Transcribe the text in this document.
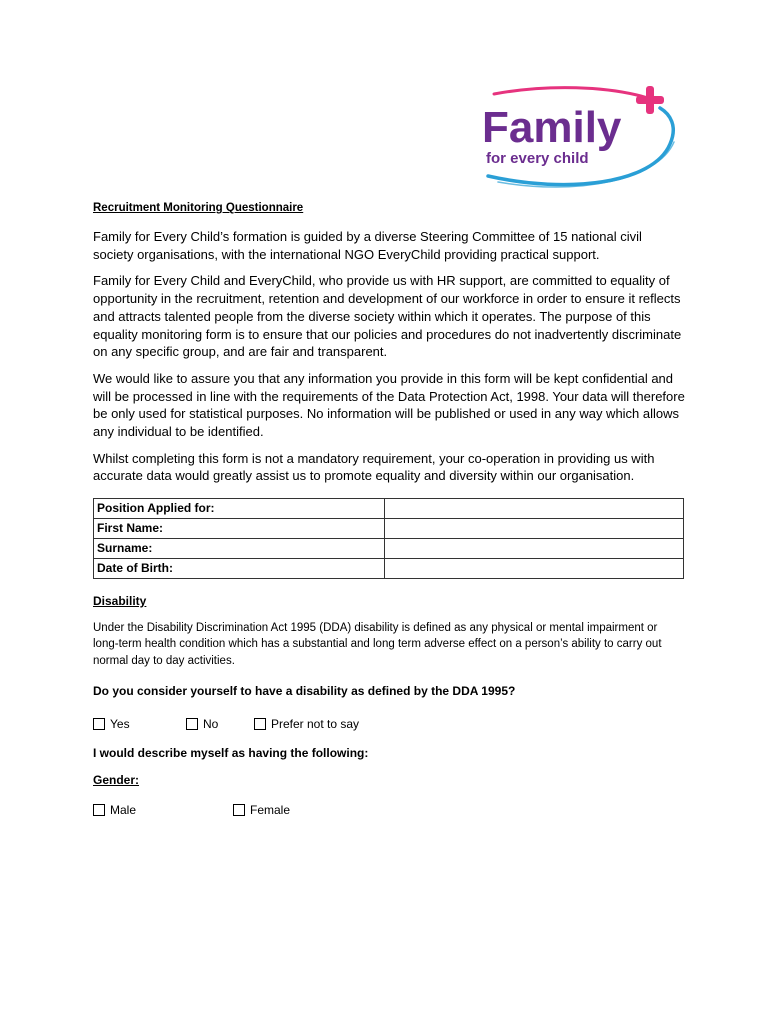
Family
for every child
Recruitment Monitoring Questionnaire

Family for Every Child’s formation is guided by a diverse Steering Committee of 15 national civil society organisations, with the international NGO EveryChild providing practical support.

Family for Every Child and EveryChild, who provide us with HR support, are committed to equality of opportunity in the recruitment, retention and development of our workforce in order to ensure it reflects and attracts talented people from the diverse society within which it operates. The purpose of this equality monitoring form is to ensure that our policies and procedures do not inadvertently discriminate on any specific group, and are fair and transparent.

We would like to assure you that any information you provide in this form will be kept confidential and will be processed in line with the requirements of the Data Protection Act, 1998. Your data will therefore be only used for statistical purposes. No information will be published or used in any way which allows any individual to be identified.

Whilst completing this form is not a mandatory requirement, your co-operation in providing us with accurate data would greatly assist us to promote equality and diversity within our organisation.

Position Applied for:	
First Name:	
Surname:	
Date of Birth:	
Disability

Under the Disability Discrimination Act 1995 (DDA) disability is defined as any physical or mental impairment or long-term health condition which has a substantial and long term adverse effect on a person’s ability to carry out normal day to day activities.

Do you consider yourself to have a disability as defined by the DDA 1995?
Yes	No	Prefer not to say
I would describe myself as having the following:
Gender:
Male	Female
